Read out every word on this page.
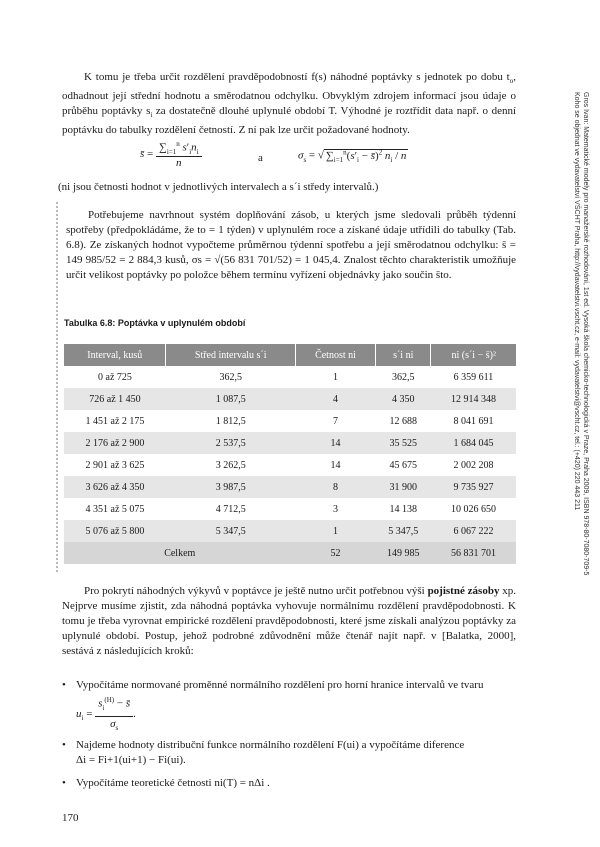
Gros Ivan: Matematické modely pro manažerské rozhodování, 1st ed. Vysoká škola chemicko-technologická v Praze, Praha 2009, ISBN 978-80-7080-709-5
Koho se objednat ve vydavatelství VŠCHT Praha, http://vydavatelstvi.vscht.cz, e-mail: vydavatelstvi@vscht.cz, tel.: (+420) 220 443 211
K tomu je třeba určit rozdělení pravděpodobností f(s) náhodné poptávky s jednotek po dobu $t_o$, odhadnout její střední hodnotu a směrodatnou odchylku. Obvyklým zdrojem informací jsou údaje o průběhu poptávky $s_i$ za dostatečně dlouhé uplynulé období T. Výhodné je roztřídit data např. o denní poptávku do tabulky rozdělení četností. Z ní pak lze určit požadované hodnoty.
s̄ = $\frac{\sum_{i=1}^n s'_in_i}{n}$	a	$\sigma_s$ = √ $\sum_{i=1}^n(s'_i$ − s̄)$^2$ $n_i$ / n
(ni jsou četnosti hodnot v jednotlivých intervalech a s´i středy intervalů.)
Potřebujeme navrhnout systém doplňování zásob, u kterých jsme sledovali průběh týdenní spotřeby (předpokládáme, že to = 1 týden) v uplynulém roce a získané údaje utřídili do tabulky (Tab. 6.8). Ze získaných hodnot vypočteme průměrnou týdenní spotřebu a její směrodatnou odchylku: s̄ = 149 985/52 = 2 884,3 kusů, σs = √(56 831 701/52) = 1 045,4. Znalost těchto charakteristik umožňuje určit velikost poptávky po položce během termínu vyřízení objednávky jako součin s̄to.
Tabulka 6.8: Poptávka v uplynulém období
Interval, kusů	Střed intervalu s´i	Četnost ni	s´i ni	ni (s´i − s̄)²
0 až 725	362,5	1	362,5	6 359 611
726 až 1 450	1 087,5	4	4 350	12 914 348
1 451 až 2 175	1 812,5	7	12 688	8 041 691
2 176 až 2 900	2 537,5	14	35 525	1 684 045
2 901 až 3 625	3 262,5	14	45 675	2 002 208
3 626 až 4 350	3 987,5	8	31 900	9 735 927
4 351 až 5 075	4 712,5	3	14 138	10 026 650
5 076 až 5 800	5 347,5	1	5 347,5	6 067 222
Celkem		52	149 985	56 831 701
Pro pokrytí náhodných výkyvů v poptávce je ještě nutno určit potřebnou výši pojistné zásoby xp. Nejprve musíme zjistit, zda náhodná poptávka vyhovuje normálnímu rozdělení pravděpodobnosti. K tomu je třeba vyrovnat empirické rozdělení pravděpodobnosti, které jsme získali analýzou poptávky za uplynulé období. Postup, jehož podrobné zdůvodnění může čtenář najít např. v [Balatka, 2000], sestává z následujících kroků:
• Vypočítáme normované proměnné normálního rozdělení pro horní hranice intervalů ve tvaru
$u_i = \frac{s_i^{(H)} - s̄}{\sigma_s}$ .
• Najdeme hodnoty distribuční funkce normálního rozdělení F(ui) a vypočítáme diference
Δi = Fi+1(ui+1) − Fi(ui).
• Vypočítáme teoretické četnosti ni(T) = nΔi .
170
